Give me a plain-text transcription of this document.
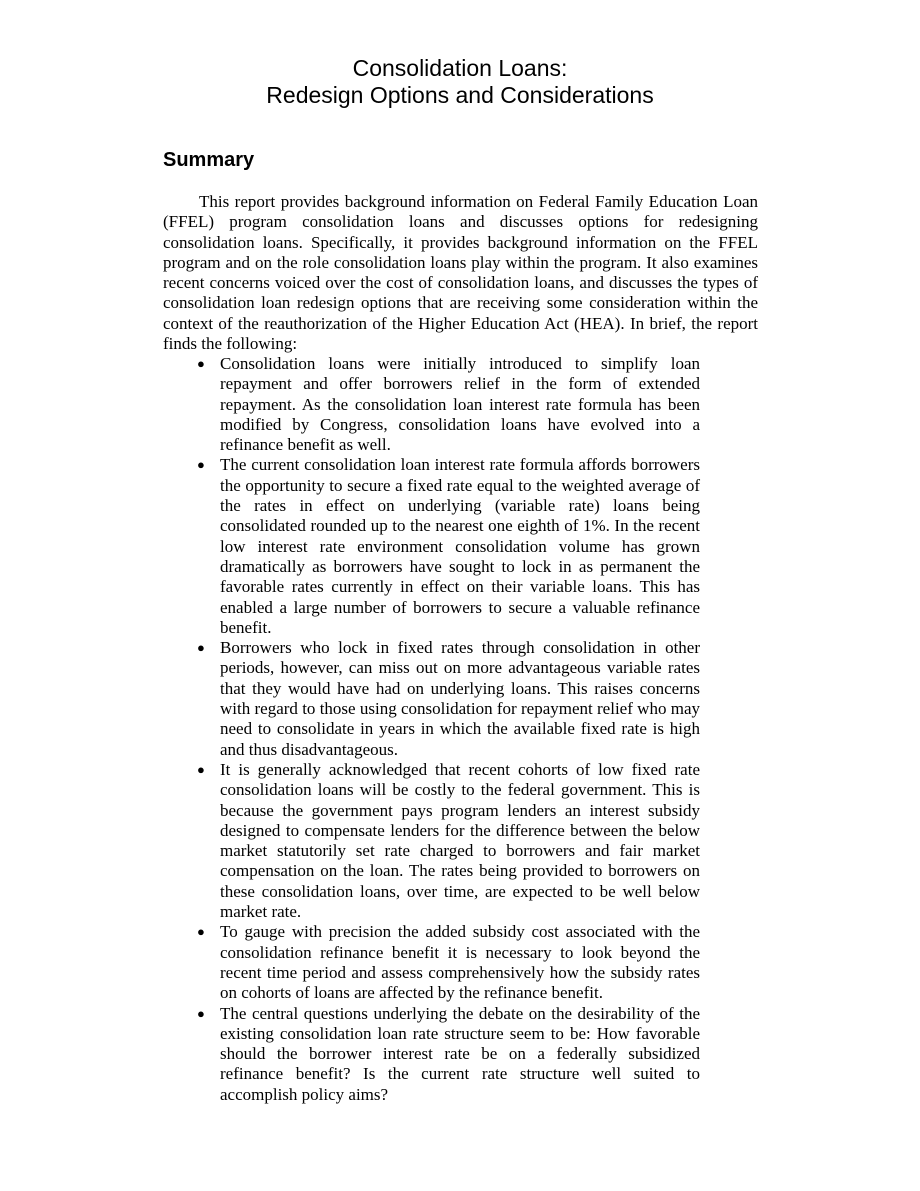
Consolidation Loans:
Redesign Options and Considerations
Summary

This report provides background information on Federal Family Education Loan (FFEL) program consolidation loans and discusses options for redesigning consolidation loans. Specifically, it provides background information on the FFEL program and on the role consolidation loans play within the program. It also examines recent concerns voiced over the cost of consolidation loans, and discusses the types of consolidation loan redesign options that are receiving some consideration within the context of the reauthorization of the Higher Education Act (HEA). In brief, the report finds the following:

● Consolidation loans were initially introduced to simplify loan repayment and offer borrowers relief in the form of extended repayment. As the consolidation loan interest rate formula has been modified by Congress, consolidation loans have evolved into a refinance benefit as well.
● The current consolidation loan interest rate formula affords borrowers the opportunity to secure a fixed rate equal to the weighted average of the rates in effect on underlying (variable rate) loans being consolidated rounded up to the nearest one eighth of 1%. In the recent low interest rate environment consolidation volume has grown dramatically as borrowers have sought to lock in as permanent the favorable rates currently in effect on their variable loans. This has enabled a large number of borrowers to secure a valuable refinance benefit.
● Borrowers who lock in fixed rates through consolidation in other periods, however, can miss out on more advantageous variable rates that they would have had on underlying loans. This raises concerns with regard to those using consolidation for repayment relief who may need to consolidate in years in which the available fixed rate is high and thus disadvantageous.
● It is generally acknowledged that recent cohorts of low fixed rate consolidation loans will be costly to the federal government. This is because the government pays program lenders an interest subsidy designed to compensate lenders for the difference between the below market statutorily set rate charged to borrowers and fair market compensation on the loan. The rates being provided to borrowers on these consolidation loans, over time, are expected to be well below market rate.
● To gauge with precision the added subsidy cost associated with the consolidation refinance benefit it is necessary to look beyond the recent time period and assess comprehensively how the subsidy rates on cohorts of loans are affected by the refinance benefit.
● The central questions underlying the debate on the desirability of the existing consolidation loan rate structure seem to be: How favorable should the borrower interest rate be on a federally subsidized refinance benefit? Is the current rate structure well suited to accomplish policy aims?
